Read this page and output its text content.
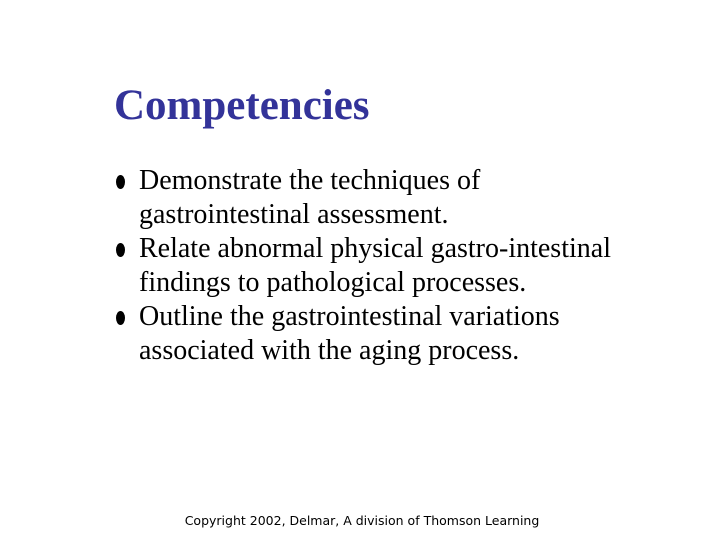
Competencies
Demonstrate the techniques of gastrointestinal assessment.
Relate abnormal physical gastro-intestinal findings to pathological processes.
Outline the gastrointestinal variations associated with the aging process.
Copyright 2002, Delmar, A division of Thomson Learning
